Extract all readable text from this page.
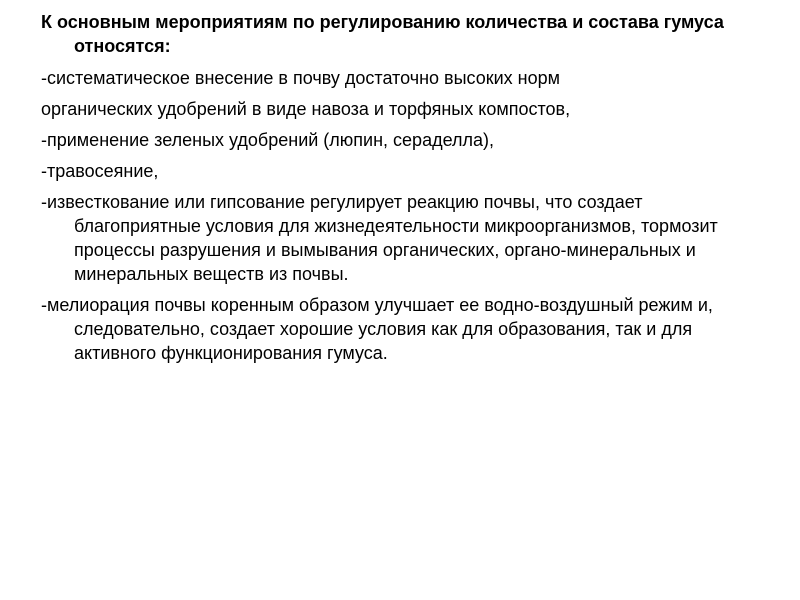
К основным мероприятиям по регулированию количества и состава гумуса относятся:

-систематическое внесение в почву достаточно высоких норм

органических удобрений в виде навоза и торфяных компостов,

-применение зеленых удобрений (люпин, сераделла),

-травосеяние,

-известкование или гипсование регулирует реакцию почвы, что создает благоприятные условия для жизнедеятельности микроорганизмов, тормозит процессы разрушения и вымывания органических, органо-минеральных и минеральных веществ из почвы.

-мелиорация почвы коренным образом улучшает ее водно-воздушный режим и, следовательно, создает хорошие условия как для образования, так и для активного функционирования гумуса.
